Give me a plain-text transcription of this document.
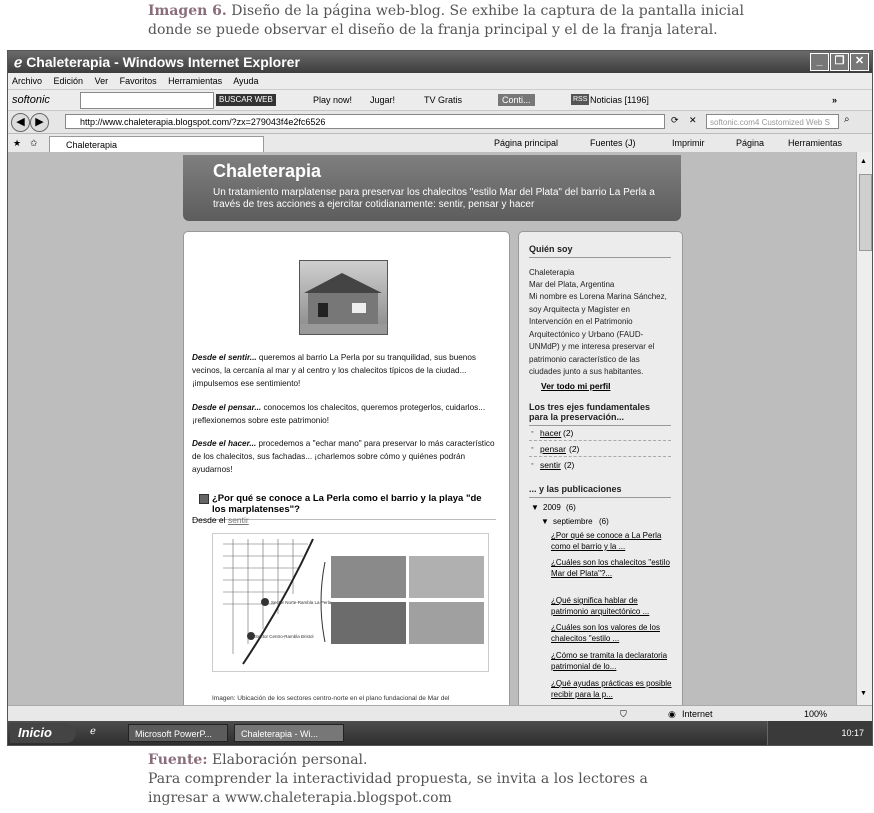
Imagen 6. Diseño de la página web-blog. Se exhibe la captura de la pantalla inicial
donde se puede observar el diseño de la franja principal y el de la franja lateral.
ℯ Chaleterapia - Windows Internet Explorer	_	❐ ✕
Archivo Edición Ver Favoritos Herramientas Ayuda
softonic	BUSCAR WEB	Play now! Jugar!	TV Gratis	Conti...	RSS Noticias [1196]	»
◀ ▶	http://www.chaleterapia.blogspot.com/?zx=279043f4e2fc6526	⟳ ✕	softonic.com4 Customized Web S	⌕
★ ✩	Chaleterapia	Página principal	Fuentes (J)	Imprimir	Página	Herramientas
Chaleterapia
Un tratamiento marplatense para preservar los chalecitos "estilo Mar del Plata" del barrio La Perla a través de tres acciones a ejercitar cotidianamente: sentir, pensar y hacer
Desde el sentir... queremos al barrio La Perla por su tranquilidad, sus buenos vecinos, la cercanía al mar y al centro y los chalecitos típicos de la ciudad... ¡impulsemos ese sentimiento!
Desde el pensar... conocemos los chalecitos, queremos protegerlos, cuidarlos... ¡reflexionemos sobre este patrimonio!
Desde el hacer... procedemos a "echar mano" para preservar lo más característico de los chalecitos, sus fachadas... ¡charlemos sobre cómo y quiénes podrán ayudarnos!
¿Por qué se conoce a La Perla como el barrio y la playa "de los marplatenses"?
Desde el sentir
Sector Norte-Rambla La Perla
Sector Centro-Rambla Bristol
Imagen: Ubicación de los sectores centro-norte en el plano fundacional de Mar del
Quién soy
Chaleterapia
Mar del Plata, Argentina
Mi nombre es Lorena Marina Sánchez, soy Arquitecta y Magíster en Intervención en el Patrimonio Arquitectónico y Urbano (FAUD-UNMdP) y me interesa preservar el patrimonio característico de las ciudades junto a sus habitantes.
Ver todo mi perfil
Los tres ejes fundamentales para la preservación...
◦ hacer (2)
◦ pensar (2)
◦ sentir (2)
... y las publicaciones
▼ 2009 (6)
▼ septiembre (6)
¿Por qué se conoce a La Perla como el barrio y la ...
¿Cuáles son los chalecitos "estilo Mar del Plata"?...
¿Qué significa hablar de patrimonio arquitectónico ...
¿Cuáles son los valores de los chalecitos "estilo ...
¿Cómo se tramita la declaratoria patrimonial de lo...
¿Qué ayudas prácticas es posible recibir para la p...
▲
▼
⛉	◉ Internet	100%
Inicio	ℯ	Microsoft PowerP...	Chaleterapia - Wi...	10:17
Fuente: Elaboración personal.
Para comprender la interactividad propuesta, se invita a los lectores a
ingresar a www.chaleterapia.blogspot.com
